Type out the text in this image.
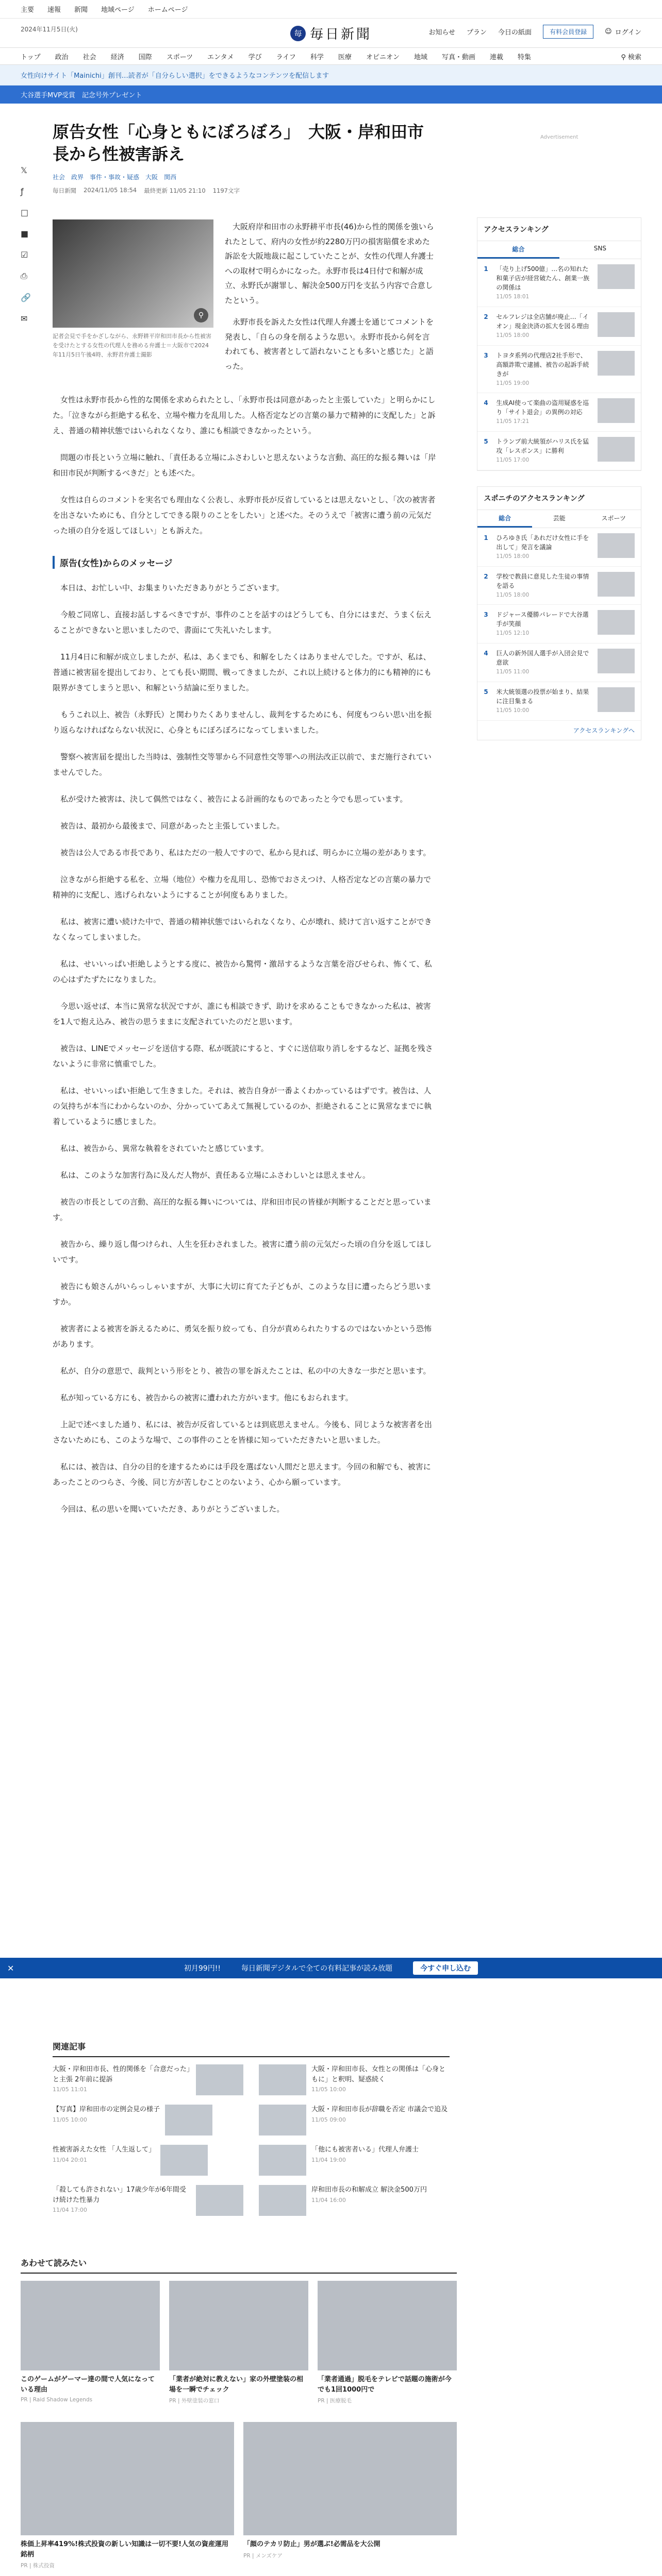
主要 速報 新聞 地域ページ ホームページ
2024年11月5日(火)	毎 毎日新聞	お知らせ プラン 今日の紙面	有料会員登録	☺ ログイン
トップ 政治 社会 経済 国際 スポーツ エンタメ 学び ライフ 科学 医療 オピニオン 地域 写真・動画 連載 特集	⚲ 検索
女性向けサイト「Mainichi」創刊…読者が「自分らしい選択」をできるようなコンテンツを配信します
大谷選手MVP受賞　記念号外プレゼント
𝕏
ƒ
□
■
☑
⎙
🔗
✉
原告女性「心身ともにぼろぼろ」　大阪・岸和田市長から性被害訴え
社会 政界 事件・事故・疑惑 大阪 関西
毎日新聞 2024/11/05 18:54 最終更新 11/05 21:10 1197文字
⚲
記者会見で手をかざしながら、永野耕平岸和田市長から性被害を受けたとする女性の代理人を務める弁護士＝大阪市で2024年11月5日午後4時、永野君弁護士撮影

　大阪府岸和田市の永野耕平市長(46)から性的関係を強いられたとして、府内の女性が約2280万円の損害賠償を求めた訴訟を大阪地裁に起こしていたことが、女性の代理人弁護士への取材で明らかになった。永野市長は4日付で和解が成立、永野氏が謝罪し、解決金500万円を支払う内容で合意したという。

　永野市長を訴えた女性は代理人弁護士を通じてコメントを発表し、「自らの身を削るような思い。永野市長から何を言われても、被害者として語れないことも多いと感じた」と語った。

　女性は永野市長から性的な関係を求められたとし、「永野市長は同意があったと主張していた」と明らかにした。「泣きながら拒絶する私を、立場や権力を乱用した。人格否定などの言葉の暴力で精神的に支配した」と訴え、普通の精神状態ではいられなくなり、誰にも相談できなかったという。

　問題の市長という立場に触れ、「責任ある立場にふさわしいと思えないような言動、高圧的な振る舞いは「岸和田市民が判断するべきだ」とも述べた。

　女性は自らのコメントを実名でも理由なく公表し、永野市長が反省しているとは思えないとし、「次の被害者を出さないためにも、自分としてできる限りのことをしたい」と述べた。そのうえで「被害に遭う前の元気だった頃の自分を返してほしい」とも訴えた。

原告(女性)からのメッセージ

　本日は、お忙しい中、お集まりいただきありがとうございます。

　今般ご同席し、直接お話しするべきですが、事件のことを話すのはどうしても、自分にはまだ、うまく伝えることができないと思いましたので、書面にて失礼いたします。

　11月4日に和解が成立しましたが、私は、あくまでも、和解をしたくはありませんでした。ですが、私は、普通に被害届を提出しており、とても長い期間、戦ってきましたが、これ以上続けると体力的にも精神的にも限界がきてしまうと思い、和解という結論に至りました。

　もうこれ以上、被告（永野氏）と関わりたくありませんし、裁判をするためにも、何度もつらい思い出を振り返らなければならない状況に、心身ともにぼろぼろになってしまいました。

　警察へ被害届を提出した当時は、強制性交等罪から不同意性交等罪への刑法改正以前で、まだ施行されていませんでした。

　私が受けた被害は、決して偶然ではなく、被告による計画的なものであったと今でも思っています。

　被告は、最初から最後まで、同意があったと主張していました。

　被告は公人である市長であり、私はただの一般人ですので、私から見れば、明らかに立場の差があります。

　泣きながら拒絶する私を、立場（地位）や権力を乱用し、恐怖でおさえつけ、人格否定などの言葉の暴力で精神的に支配し、逃げられないようにすることが何度もありました。

　私は、被害に遭い続けた中で、普通の精神状態ではいられなくなり、心が壊れ、続けて言い返すことができなくなってしまいました。

　私は、せいいっぱい拒絶しようとする度に、被告から驚愕・激昂するような言葉を浴びせられ、怖くて、私の心はずたずたになりました。

　今思い返せば、本当に異常な状況ですが、誰にも相談できず、助けを求めることもできなかった私は、被害を1人で抱え込み、被告の思うままに支配されていたのだと思います。

　被告は、LINEでメッセージを送信する際、私が既読にすると、すぐに送信取り消しをするなど、証拠を残さないように非常に慎重でした。

　私は、せいいっぱい拒絶して生きました。それは、被告自身が一番よくわかっているはずです。被告は、人の気持ちが本当にわからないのか、分かっていてあえて無視しているのか、拒絶されることに異常なまでに執着しているように感じました。

　私は、被告から、異常な執着をされていたと感じています。

　私は、このような加害行為に及んだ人物が、責任ある立場にふさわしいとは思えません。

　被告の市長としての言動、高圧的な振る舞いについては、岸和田市民の皆様が判断することだと思っています。

　被告から、繰り返し傷つけられ、人生を狂わされました。被害に遭う前の元気だった頃の自分を返してほしいです。

　被告にも娘さんがいらっしゃいますが、大事に大切に育てた子どもが、このような目に遭ったらどう思いますか。

　被害者による被害を訴えるために、勇気を振り絞っても、自分が責められたりするのではないかという恐怖があります。

　私が、自分の意思で、裁判という形をとり、被告の罪を訴えたことは、私の中の大きな一歩だと思います。

　私が知っている方にも、被告からの被害に遭われた方がいます。他にもおられます。

　上記で述べました通り、私には、被告が反省しているとは到底思えません。今後も、同じような被害者を出さないためにも、このような場で、この事件のことを皆様に知っていただきたいと思いました。

　私には、被告は、自分の目的を達するためには手段を選ばない人間だと思えます。今回の和解でも、被害にあったことのつらさ、今後、同じ方が苦しむことのないよう、心から願っています。

　今回は、私の思いを聞いていただき、ありがとうございました。

Advertisement
アクセスランキング
総合	SNS
1	「売り上げ500億」…名の知れた和菓子店が経営破たん、創業一族の関係は
11/05 18:01
2	セルフレジは全店舗が廃止…「イオン」現金決済の拡大を図る理由
11/05 18:00
3	トヨタ系列の代理店2社手形で、高額詐欺で逮捕、被告の起訴手続きが
11/05 19:00
4	生成AI使って楽曲の盗用疑惑を巡り「サイト退会」の異例の対応
11/05 17:21
5	トランプ前大統領がハリス氏を猛攻「レスポンス」に勝利
11/05 17:00
スポニチのアクセスランキング
総合	芸能	スポーツ
1	ひろゆき氏「あれだけ女性に手を出して」発言を議論
11/05 18:00
2	学校で教員に意見した生徒の事情を語る
11/05 18:00
3	ドジャース優勝パレードで大谷選手が笑顔
11/05 12:10
4	巨人の新外国人選手が入団会見で意欲
11/05 11:00
5	米大統領選の投票が始まり、結果に注目集まる
11/05 10:00
アクセスランキングへ
✕	初月99円!!	毎日新聞デジタルで全ての有料記事が読み放題	今すぐ申し込む
関連記事
大阪・岸和田市長、性的関係を「合意だった」と主張 2年前に提訴
11/05 11:01
大阪・岸和田市長、女性との関係は「心身ともに」と釈明、疑惑続く
11/05 10:00
【写真】岸和田市の定例会見の様子
11/05 10:00
大阪・岸和田市長が辞職を否定 市議会で追及
11/05 09:00
性被害訴えた女性 「人生返して」
11/04 20:01
「他にも被害者いる」代理人弁護士
11/04 19:00
「殺しても許されない」17歳少年が6年間受け続けた性暴力
11/04 17:00
岸和田市長の和解成立 解決金500万円
11/04 16:00
あわせて読みたい
このゲームがゲーマー達の間で人気になっている理由
PR | Raid Shadow Legends
「業者が絶対に教えない」家の外壁塗装の相場を一瞬でチェック
PR | 外壁塗装の窓口
「業者通過」脱毛をテレビで話題の施術が今でも1回1000円で
PR | 医療脱毛
株価上昇率419%!株式投資の新しい知識は一切不要!人気の資産運用銘柄
PR | 株式投資
「顔のテカリ防止」男が選ぶ!必需品を大公開
PR | メンズケア
